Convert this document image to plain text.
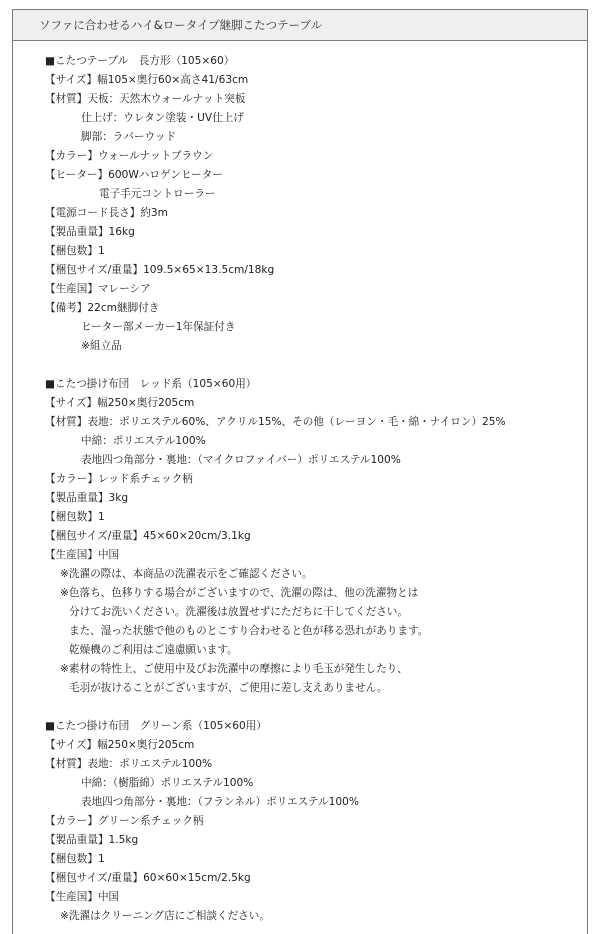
ソファに合わせるハイ&ロータイプ継脚こたつテーブル
■こたつテーブル　長方形（105×60）
【サイズ】幅105×奥行60×高さ41/63cm
【材質】天板：天然木ウォールナット突板
仕上げ：ウレタン塗装・UV仕上げ
脚部：ラバーウッド
【カラー】ウォールナットブラウン
【ヒーター】600Wハロゲンヒーター
電子手元コントローラー
【電源コード長さ】約3m
【製品重量】16kg
【梱包数】1
【梱包サイズ/重量】109.5×65×13.5cm/18kg
【生産国】マレーシア
【備考】22cm継脚付き
ヒーター部メーカー1年保証付き
※組立品
■こたつ掛け布団　レッド系（105×60用）
【サイズ】幅250×奥行205cm
【材質】表地：ポリエステル60%、アクリル15%、その他（レーヨン・毛・綿・ナイロン）25%
中綿：ポリエステル100%
表地四つ角部分・裏地：（マイクロファイバー）ポリエステル100%
【カラー】レッド系チェック柄
【製品重量】3kg
【梱包数】1
【梱包サイズ/重量】45×60×20cm/3.1kg
【生産国】中国
※洗濯の際は、本商品の洗濯表示をご確認ください。
※色落ち、色移りする場合がございますので、洗濯の際は、他の洗濯物とは
分けてお洗いください。洗濯後は放置せずにただちに干してください。
また、湿った状態で他のものとこすり合わせると色が移る恐れがあります。
乾燥機のご利用はご遠慮願います。
※素材の特性上、ご使用中及びお洗濯中の摩擦により毛玉が発生したり、
毛羽が抜けることがございますが、ご使用に差し支えありません。
■こたつ掛け布団　グリーン系（105×60用）
【サイズ】幅250×奥行205cm
【材質】表地：ポリエステル100%
中綿：（樹脂綿）ポリエステル100%
表地四つ角部分・裏地：（フランネル）ポリエステル100%
【カラー】グリーン系チェック柄
【製品重量】1.5kg
【梱包数】1
【梱包サイズ/重量】60×60×15cm/2.5kg
【生産国】中国
※洗濯はクリーニング店にご相談ください。
